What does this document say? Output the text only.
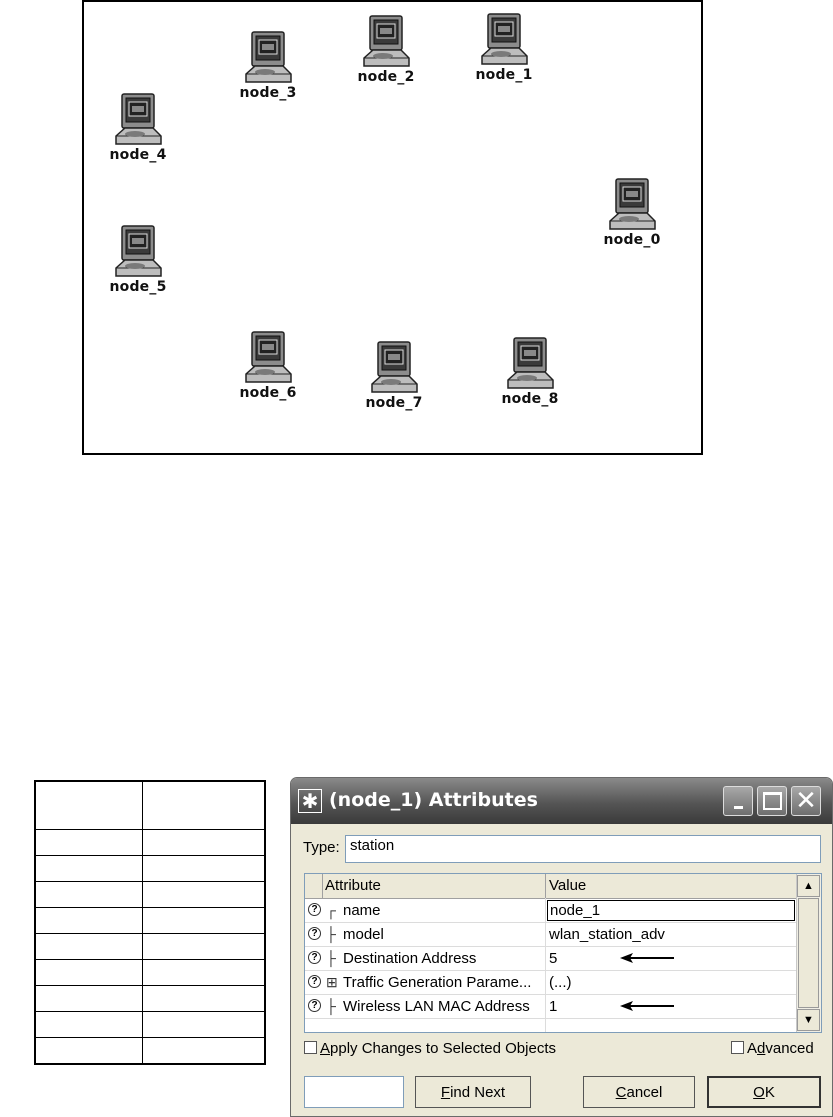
node_0
node_1
node_2
node_3
node_4
node_5
node_6
node_7	node_8

✱ (node_1) Attributes	✕
Type: station
Attribute	Value
? ┌ name	node_1
? ├ model	wlan_station_adv
? ├ Destination Address	5
? ⊞ Traffic Generation Parame... (...)
? ├ Wireless LAN MAC Address 1
▲
▼
Apply Changes to Selected Objects	Advanced
F ind Next	C ancel	O K
